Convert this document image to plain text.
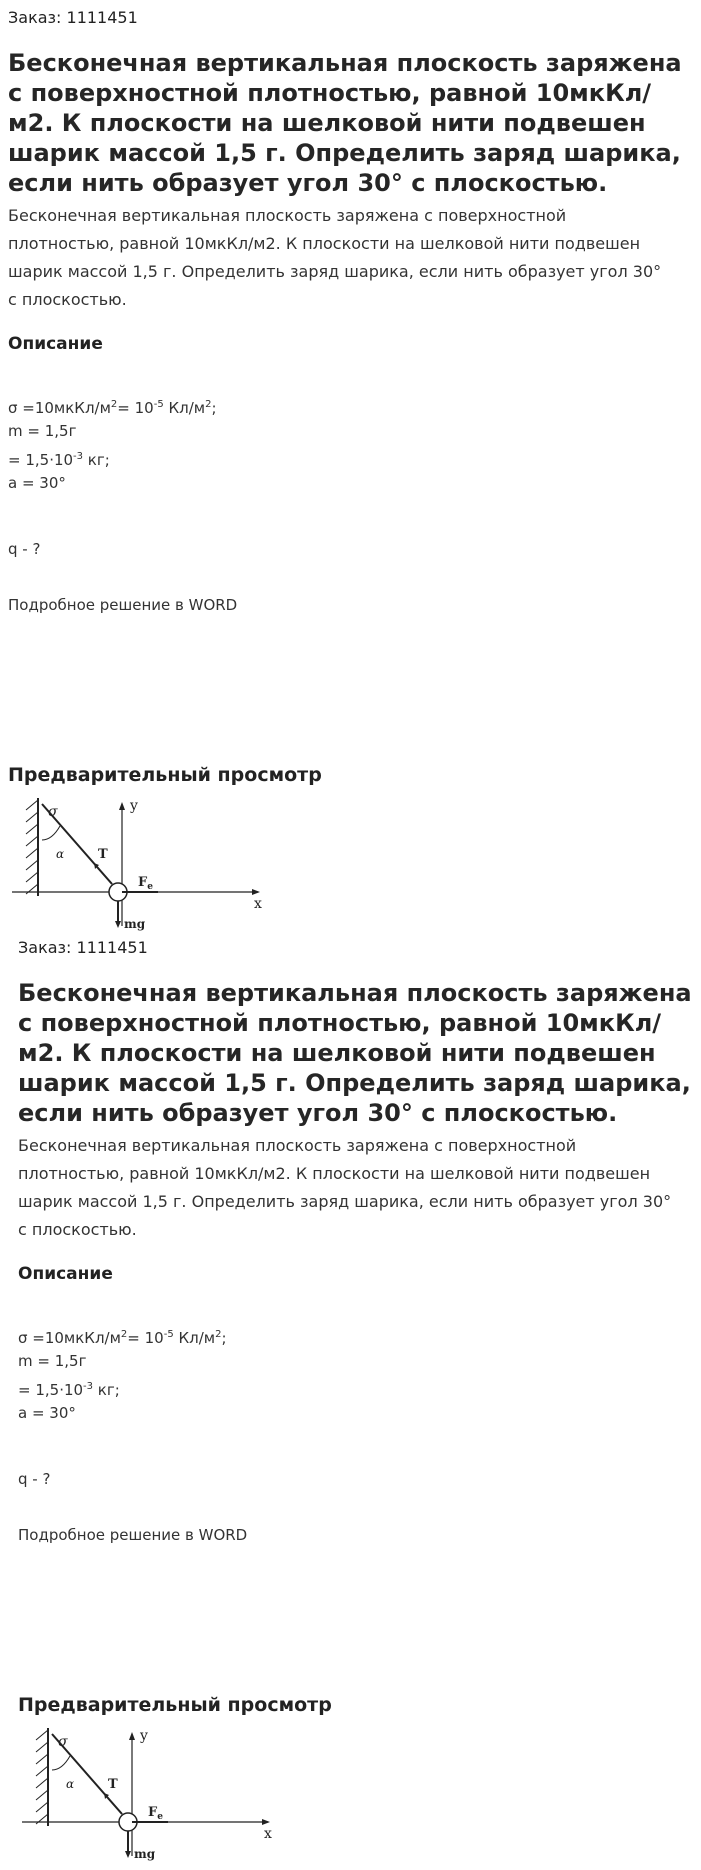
Заказ: 1111451
Бесконечная вертикальная плоскость заряжена с поверхностной плотностью, равной 10мкКл/м2. К плоскости на шелковой нити подвешен шарик массой 1,5 г. Определить заряд шарика, если нить образует угол 30° с плоскостью.
Бесконечная вертикальная плоскость заряжена с поверхностной плотностью, равной 10мкКл/м2. К плоскости на шелковой нити подвешен шарик массой 1,5 г. Определить заряд шарика, если нить образует угол 30° с плоскостью.
Описание
$\sigma =10мкКл/м^2= 10^{-5}$ $Кл/м^2$;
m = 1,5г
= $1,5\cdot 10^{-3}$ кг;
a = 30°
q - ?
Подробное решение в WORD
Предварительный просмотр
σ
α	T
$F_e$
mg
x
y
Заказ: 1111451
Бесконечная вертикальная плоскость заряжена с поверхностной плотностью, равной 10мкКл/м2. К плоскости на шелковой нити подвешен шарик массой 1,5 г. Определить заряд шарика, если нить образует угол 30° с плоскостью.
Бесконечная вертикальная плоскость заряжена с поверхностной плотностью, равной 10мкКл/м2. К плоскости на шелковой нити подвешен шарик массой 1,5 г. Определить заряд шарика, если нить образует угол 30° с плоскостью.
Описание
$\sigma =10мкКл/м^2= 10^{-5}$ $Кл/м^2$;
m = 1,5г
= $1,5\cdot 10^{-3}$ кг;
a = 30°
q - ?
Подробное решение в WORD
Предварительный просмотр
σ
α	T
$F_e$
mg
x
y
